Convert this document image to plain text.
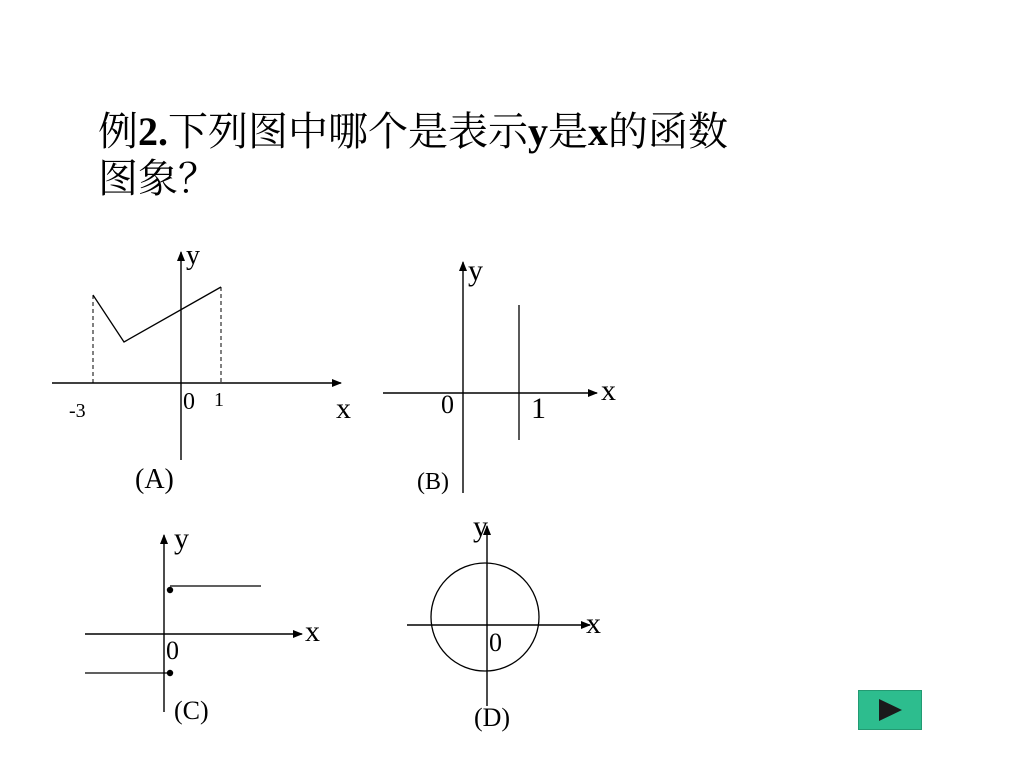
例2.下列图中哪个是表示y是x的函数
图象？
y
x
0
-3	1
(A)
y
x
0	1
(B)
y
x
0
(C)
y
x
0
(D)
